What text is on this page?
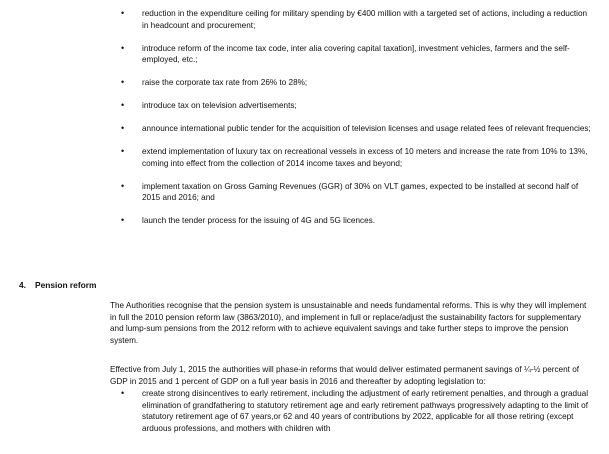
• reduction in the expenditure ceiling for military spending by €400 million with a targeted set of actions, including a reduction in headcount and procurement;
• introduce reform of the income tax code, inter alia covering capital taxation], investment vehicles, farmers and the self- employed, etc.;
• raise the corporate tax rate from 26% to 28%;
• introduce tax on television advertisements;
• announce international public tender for the acquisition of television licenses and usage related fees of relevant frequencies;
• extend implementation of luxury tax on recreational vessels in excess of 10 meters and increase the rate from 10% to 13%, coming into effect from the collection of 2014 income taxes and beyond;
• implement taxation on Gross Gaming Revenues (GGR) of 30% on VLT games, expected to be installed at second half of 2015 and 2016; and
• launch the tender process for the issuing of 4G and 5G licences.
4. Pension reform

The Authorities recognise that the pension system is unsustainable and needs fundamental reforms. This is why they will implement in full the 2010 pension reform law (3863/2010), and implement in full or replace/adjust the sustainability factors for supplementary and lump-sum pensions from the 2012 reform with to achieve equivalent savings and take further steps to improve the pension system.

Effective from July 1, 2015 the authorities will phase-in reforms that would deliver estimated permanent savings of ¼-½ percent of GDP in 2015 and 1 percent of GDP on a full year basis in 2016 and thereafter by adopting legislation to:

• create strong disincentives to early retirement, including the adjustment of early retirement penalties, and through a gradual elimination of grandfathering to statutory retirement age and early retirement pathways progressively adapting to the limit of statutory retirement age of 67 years,or 62 and 40 years of contributions by 2022, applicable for all those retiring (except arduous professions, and mothers with children with
